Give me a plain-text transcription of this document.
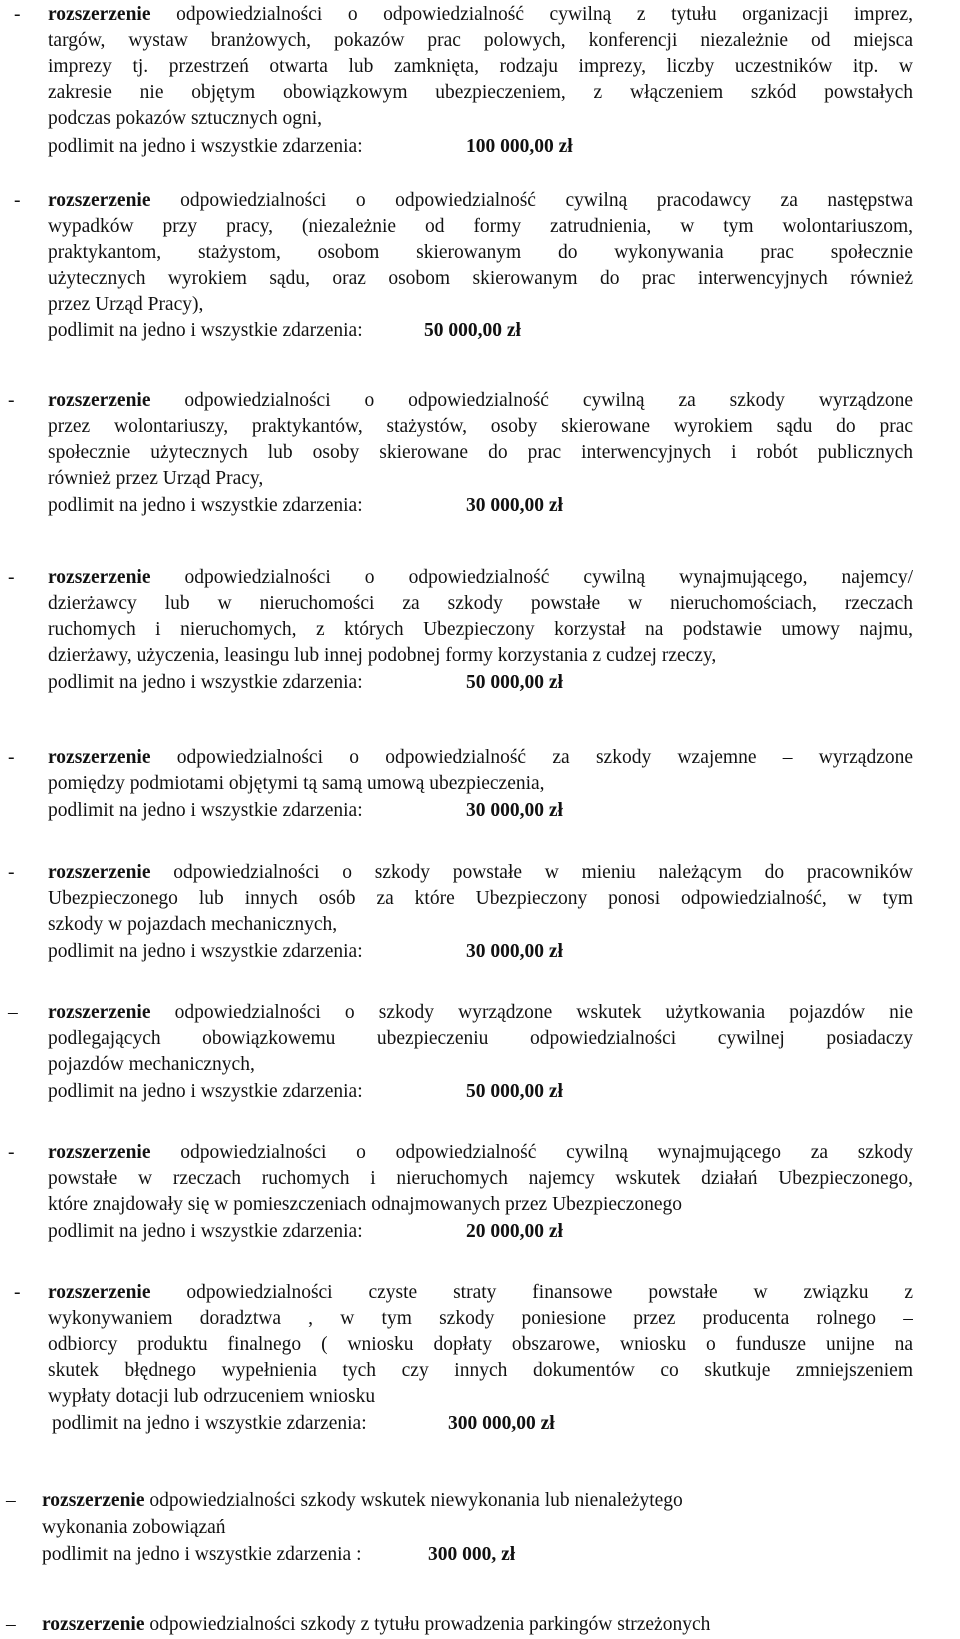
- rozszerzenie odpowiedzialności o odpowiedzialność cywilną z tytułu organizacji imprez,
targów, wystaw branżowych, pokazów prac polowych, konferencji niezależnie od miejsca
imprezy tj. przestrzeń otwarta lub zamknięta, rodzaju imprezy, liczby uczestników itp. w
zakresie nie objętym obowiązkowym ubezpieczeniem, z włączeniem szkód powstałych
podczas pokazów sztucznych ogni,
podlimit na jedno i wszystkie zdarzenia:	100 000,00 zł
- rozszerzenie odpowiedzialności o odpowiedzialność cywilną pracodawcy za następstwa
wypadków przy pracy, (niezależnie od formy zatrudnienia, w tym wolontariuszom,
praktykantom, stażystom, osobom skierowanym do wykonywania prac społecznie
użytecznych wyrokiem sądu, oraz osobom skierowanym do prac interwencyjnych również
przez Urząd Pracy),
podlimit na jedno i wszystkie zdarzenia:	50 000,00 zł
- rozszerzenie odpowiedzialności o odpowiedzialność cywilną za szkody wyrządzone
przez wolontariuszy, praktykantów, stażystów, osoby skierowane wyrokiem sądu do prac
społecznie użytecznych lub osoby skierowane do prac interwencyjnych i robót publicznych
również przez Urząd Pracy,
podlimit na jedno i wszystkie zdarzenia:	30 000,00 zł
- rozszerzenie odpowiedzialności o odpowiedzialność cywilną wynajmującego, najemcy/
dzierżawcy lub w nieruchomości za szkody powstałe w nieruchomościach, rzeczach
ruchomych i nieruchomych, z których Ubezpieczony korzystał na podstawie umowy najmu,
dzierżawy, użyczenia, leasingu lub innej podobnej formy korzystania z cudzej rzeczy,
podlimit na jedno i wszystkie zdarzenia:	50 000,00 zł
- rozszerzenie odpowiedzialności o odpowiedzialność za szkody wzajemne – wyrządzone
pomiędzy podmiotami objętymi tą samą umową ubezpieczenia,
podlimit na jedno i wszystkie zdarzenia:	30 000,00 zł
- rozszerzenie odpowiedzialności o szkody powstałe w mieniu należącym do pracowników
Ubezpieczonego lub innych osób za które Ubezpieczony ponosi odpowiedzialność, w tym
szkody w pojazdach mechanicznych,
podlimit na jedno i wszystkie zdarzenia:	30 000,00 zł
– rozszerzenie odpowiedzialności o szkody wyrządzone wskutek użytkowania pojazdów nie
podlegających obowiązkowemu ubezpieczeniu odpowiedzialności cywilnej posiadaczy
pojazdów mechanicznych,
podlimit na jedno i wszystkie zdarzenia:	50 000,00 zł
- rozszerzenie odpowiedzialności o odpowiedzialność cywilną wynajmującego za szkody
powstałe w rzeczach ruchomych i nieruchomych najemcy wskutek działań Ubezpieczonego,
które znajdowały się w pomieszczeniach odnajmowanych przez Ubezpieczonego
podlimit na jedno i wszystkie zdarzenia:	20 000,00 zł
- rozszerzenie odpowiedzialności czyste straty finansowe powstałe w związku z
wykonywaniem doradztwa , w tym szkody poniesione przez producenta rolnego –
odbiorcy produktu finalnego ( wniosku dopłaty obszarowe, wniosku o fundusze unijne na
skutek błędnego wypełnienia tych czy innych dokumentów co skutkuje zmniejszeniem
wypłaty dotacji lub odrzuceniem wniosku
podlimit na jedno i wszystkie zdarzenia:	300 000,00 zł
– rozszerzenie odpowiedzialności szkody wskutek niewykonania lub nienależytego
wykonania zobowiązań
podlimit na jedno i wszystkie zdarzenia :	300 000, zł
– rozszerzenie odpowiedzialności szkody z tytułu prowadzenia parkingów strzeżonych
